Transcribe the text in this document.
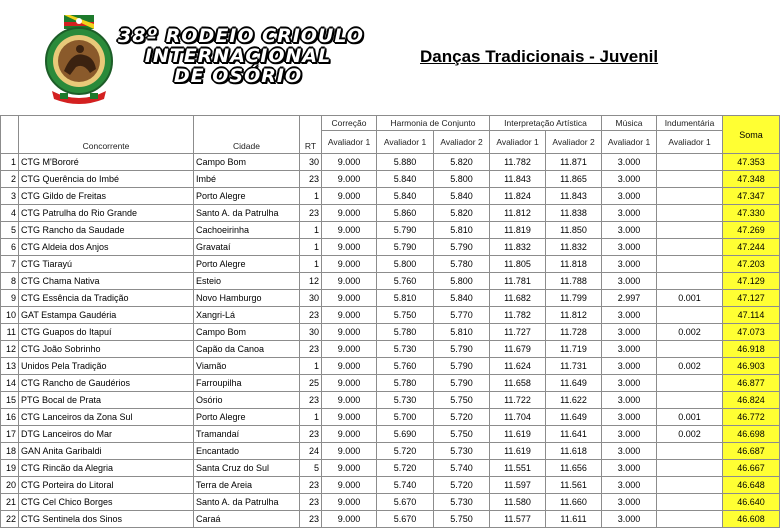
38º RODEIO CRIOULO
INTERNACIONAL
DE OSÓRIO
Danças Tradicionais - Juvenil
	Concorrente	Cidade	RT	Correção	Harmonia de Conjunto		Interpretação Artística		Música	Indumentária	Soma
				Avaliador 1	Avaliador 1	Avaliador 2	Avaliador 1	Avaliador 2	Avaliador 1	Avaliador 1	
1	CTG M'Bororé	Campo Bom	30	9.000	5.880	5.820	11.782	11.871	3.000		47.353
2	CTG Querência do Imbé	Imbé	23	9.000	5.840	5.800	11.843	11.865	3.000		47.348
3	CTG Gildo de Freitas	Porto Alegre	1	9.000	5.840	5.840	11.824	11.843	3.000		47.347
4	CTG Patrulha do Rio Grande	Santo A. da Patrulha	23	9.000	5.860	5.820	11.812	11.838	3.000		47.330
5	CTG Rancho da Saudade	Cachoeirinha	1	9.000	5.790	5.810	11.819	11.850	3.000		47.269
6	CTG Aldeia dos Anjos	Gravataí	1	9.000	5.790	5.790	11.832	11.832	3.000		47.244
7	CTG Tiarayú	Porto Alegre	1	9.000	5.800	5.780	11.805	11.818	3.000		47.203
8	CTG Chama Nativa	Esteio	12	9.000	5.760	5.800	11.781	11.788	3.000		47.129
9	CTG Essência da Tradição	Novo Hamburgo	30	9.000	5.810	5.840	11.682	11.799	2.997	0.001	47.127
10	GAT Estampa Gaudéria	Xangri-Lá	23	9.000	5.750	5.770	11.782	11.812	3.000		47.114
11	CTG Guapos do Itapuí	Campo Bom	30	9.000	5.780	5.810	11.727	11.728	3.000	0.002	47.073
12	CTG João Sobrinho	Capão da Canoa	23	9.000	5.730	5.790	11.679	11.719	3.000		46.918
13	Unidos Pela Tradição	Viamão	1	9.000	5.760	5.790	11.624	11.731	3.000	0.002	46.903
14	CTG Rancho de Gaudérios	Farroupilha	25	9.000	5.780	5.790	11.658	11.649	3.000		46.877
15	PTG Bocal de Prata	Osório	23	9.000	5.730	5.750	11.722	11.622	3.000		46.824
16	CTG Lanceiros da Zona Sul	Porto Alegre	1	9.000	5.700	5.720	11.704	11.649	3.000	0.001	46.772
17	DTG Lanceiros do Mar	Tramandaí	23	9.000	5.690	5.750	11.619	11.641	3.000	0.002	46.698
18	GAN Anita Garibaldi	Encantado	24	9.000	5.720	5.730	11.619	11.618	3.000		46.687
19	CTG Rincão da Alegria	Santa Cruz do Sul	5	9.000	5.720	5.740	11.551	11.656	3.000		46.667
20	CTG Porteira do Litoral	Terra de Areia	23	9.000	5.740	5.720	11.597	11.561	3.000		46.648
21	CTG Cel Chico Borges	Santo A. da Patrulha	23	9.000	5.670	5.730	11.580	11.660	3.000		46.640
22	CTG Sentinela dos Sinos	Caraá	23	9.000	5.670	5.750	11.577	11.611	3.000		46.608
